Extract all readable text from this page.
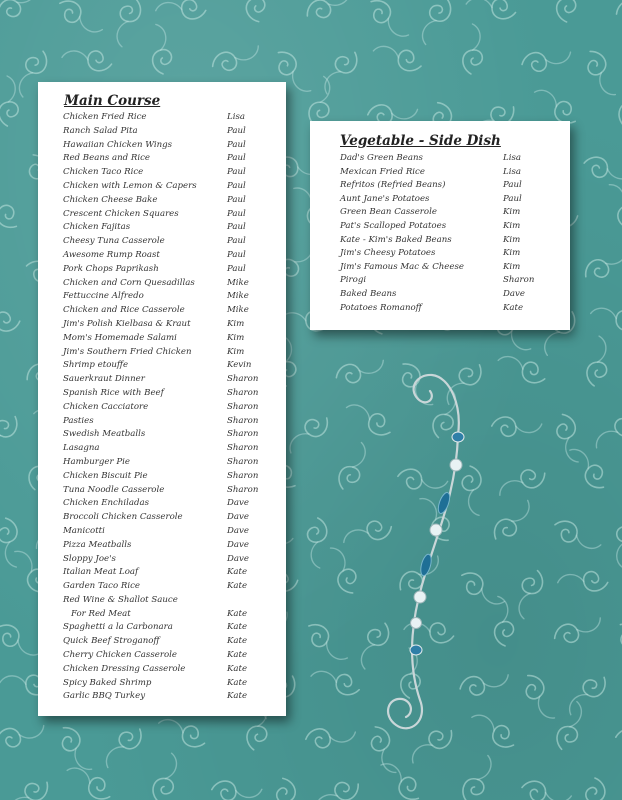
Main Course
Chicken Fried Rice	Lisa
Ranch Salad Pita	Paul
Hawaiian Chicken Wings	Paul
Red Beans and Rice	Paul
Chicken Taco Rice	Paul
Chicken with Lemon & Capers	Paul
Chicken Cheese Bake	Paul
Crescent Chicken Squares	Paul
Chicken Fajitas	Paul
Cheesy Tuna Casserole	Paul
Awesome Rump Roast	Paul
Pork Chops Paprikash	Paul
Chicken and Corn Quesadillas	Mike
Fettuccine Alfredo	Mike
Chicken and Rice Casserole	Mike
Jim's Polish Kielbasa & Kraut	Kim
Mom's Homemade Salami	Kim
Jim's Southern Fried Chicken	Kim
Shrimp etouffe	Kevin
Sauerkraut Dinner	Sharon
Spanish Rice with Beef	Sharon
Chicken Cacciatore	Sharon
Pasties	Sharon
Swedish Meatballs	Sharon
Lasagna	Sharon
Hamburger Pie	Sharon
Chicken Biscuit Pie	Sharon
Tuna Noodle Casserole	Sharon
Chicken Enchiladas	Dave
Broccoli Chicken Casserole	Dave
Manicotti	Dave
Pizza Meatballs	Dave
Sloppy Joe's	Dave
Italian Meat Loaf	Kate
Garden Taco Rice	Kate
Red Wine & Shallot Sauce
For Red Meat	Kate
Spaghetti a la Carbonara	Kate
Quick Beef Stroganoff	Kate
Cherry Chicken Casserole	Kate
Chicken Dressing Casserole	Kate
Spicy Baked Shrimp	Kate
Garlic BBQ Turkey	Kate
Vegetable - Side Dish
Dad's Green Beans	Lisa
Mexican Fried Rice	Lisa
Refritos (Refried Beans)	Paul
Aunt Jane's Potatoes	Paul
Green Bean Casserole	Kim
Pat's Scalloped Potatoes	Kim
Kate - Kim's Baked Beans	Kim
Jim's Cheesy Potatoes	Kim
Jim's Famous Mac & Cheese	Kim
Pirogi	Sharon
Baked Beans	Dave
Potatoes Romanoff	Kate
